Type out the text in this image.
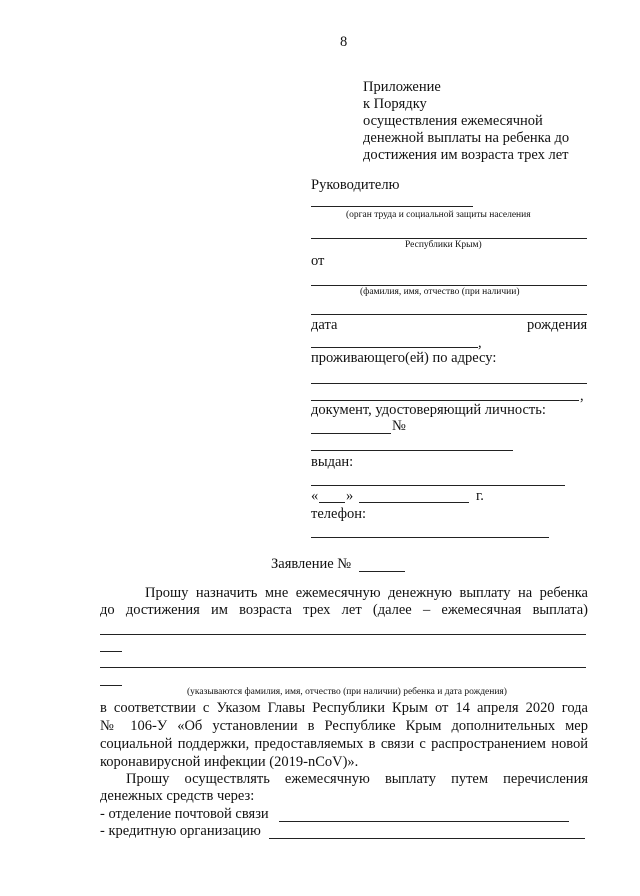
8
Приложение
к Порядку
осуществления ежемесячной
денежной выплаты на ребенка до
достижения им возраста трех лет
Руководителю
(орган труда и социальной защиты населения
Республики Крым)
от
(фамилия, имя, отчество (при наличии)
дата	рождения
,
проживающего(ей) по адресу:
,
документ, удостоверяющий личность:
№
выдан:
« »	г.
телефон:
Заявление №
Прошу назначить мне ежемесячную денежную выплату на ребенка
до достижения им возраста трех лет (далее – ежемесячная выплата)
(указываются фамилия, имя, отчество (при наличии) ребенка и дата рождения)
в соответствии с Указом Главы Республики Крым от 14 апреля 2020 года
№ 106-У «Об установлении в Республике Крым дополнительных мер
социальной поддержки, предоставляемых в связи с распространением новой
коронавирусной инфекции (2019-nCoV)».
Прошу осуществлять ежемесячную выплату путем перечисления
денежных средств через:
- отделение почтовой связи
- кредитную организацию
